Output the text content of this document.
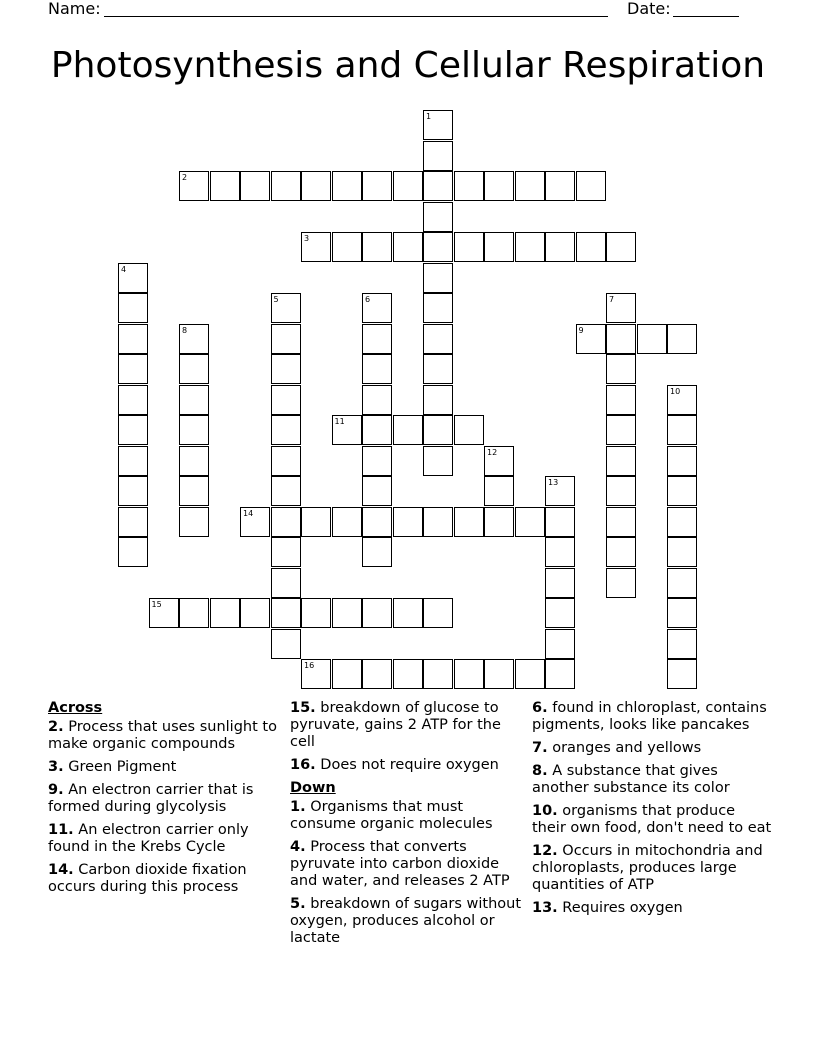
Name:	Date:
Photosynthesis and Cellular Respiration
1
2
3
4
5	6	7
8	9
10
11
12
13
14
15
16
Across
2. Process that uses sunlight to make organic compounds
3. Green Pigment
9. An electron carrier that is formed during glycolysis
11. An electron carrier only found in the Krebs Cycle
14. Carbon dioxide fixation occurs during this process
15. breakdown of glucose to pyruvate, gains 2 ATP for the cell
16. Does not require oxygen
Down
1. Organisms that must consume organic molecules
4. Process that converts pyruvate into carbon dioxide and water, and releases 2 ATP
5. breakdown of sugars without oxygen, produces alcohol or lactate
6. found in chloroplast, contains pigments, looks like pancakes
7. oranges and yellows
8. A substance that gives another substance its color
10. organisms that produce their own food, don't need to eat
12. Occurs in mitochondria and chloroplasts, produces large quantities of ATP
13. Requires oxygen
